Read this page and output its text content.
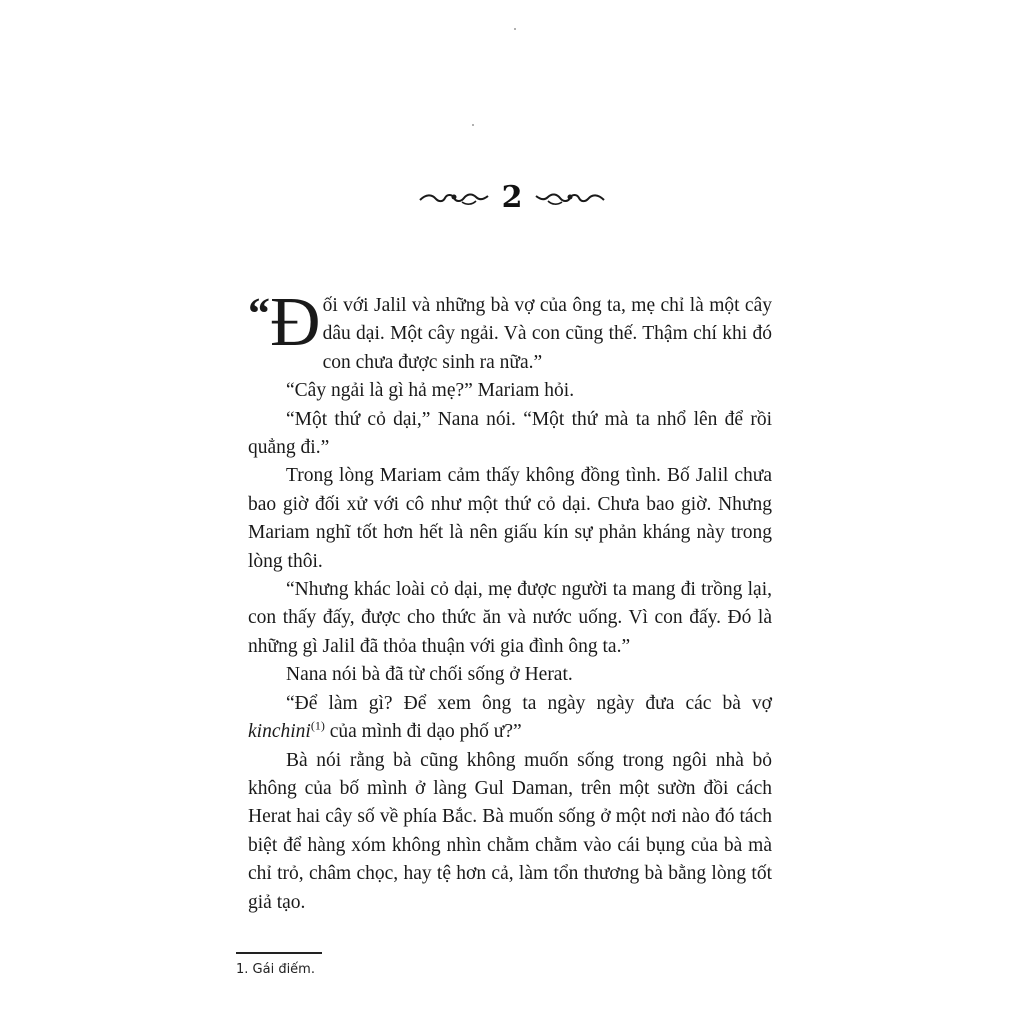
2

“ Đ ối với Jalil và những bà vợ của ông ta, mẹ chỉ là một cây dâu dại. Một cây ngải. Và con cũng thế. Thậm chí khi đó con chưa được sinh ra nữa.”

“Cây ngải là gì hả mẹ?” Mariam hỏi.

“Một thứ cỏ dại,” Nana nói. “Một thứ mà ta nhổ lên để rồi quẳng đi.”

Trong lòng Mariam cảm thấy không đồng tình. Bố Jalil chưa bao giờ đối xử với cô như một thứ cỏ dại. Chưa bao giờ. Nhưng Mariam nghĩ tốt hơn hết là nên giấu kín sự phản kháng này trong lòng thôi.

“Nhưng khác loài cỏ dại, mẹ được người ta mang đi trồng lại, con thấy đấy, được cho thức ăn và nước uống. Vì con đấy. Đó là những gì Jalil đã thỏa thuận với gia đình ông ta.”

Nana nói bà đã từ chối sống ở Herat.

“Để làm gì? Để xem ông ta ngày ngày đưa các bà vợ kinchini$^{(1)}$ của mình đi dạo phố ư?”

Bà nói rằng bà cũng không muốn sống trong ngôi nhà bỏ không của bố mình ở làng Gul Daman, trên một sườn đồi cách Herat hai cây số về phía Bắc. Bà muốn sống ở một nơi nào đó tách biệt để hàng xóm không nhìn chằm chằm vào cái bụng của bà mà chỉ trỏ, châm chọc, hay tệ hơn cả, làm tổn thương bà bằng lòng tốt giả tạo.

1. Gái điếm.
